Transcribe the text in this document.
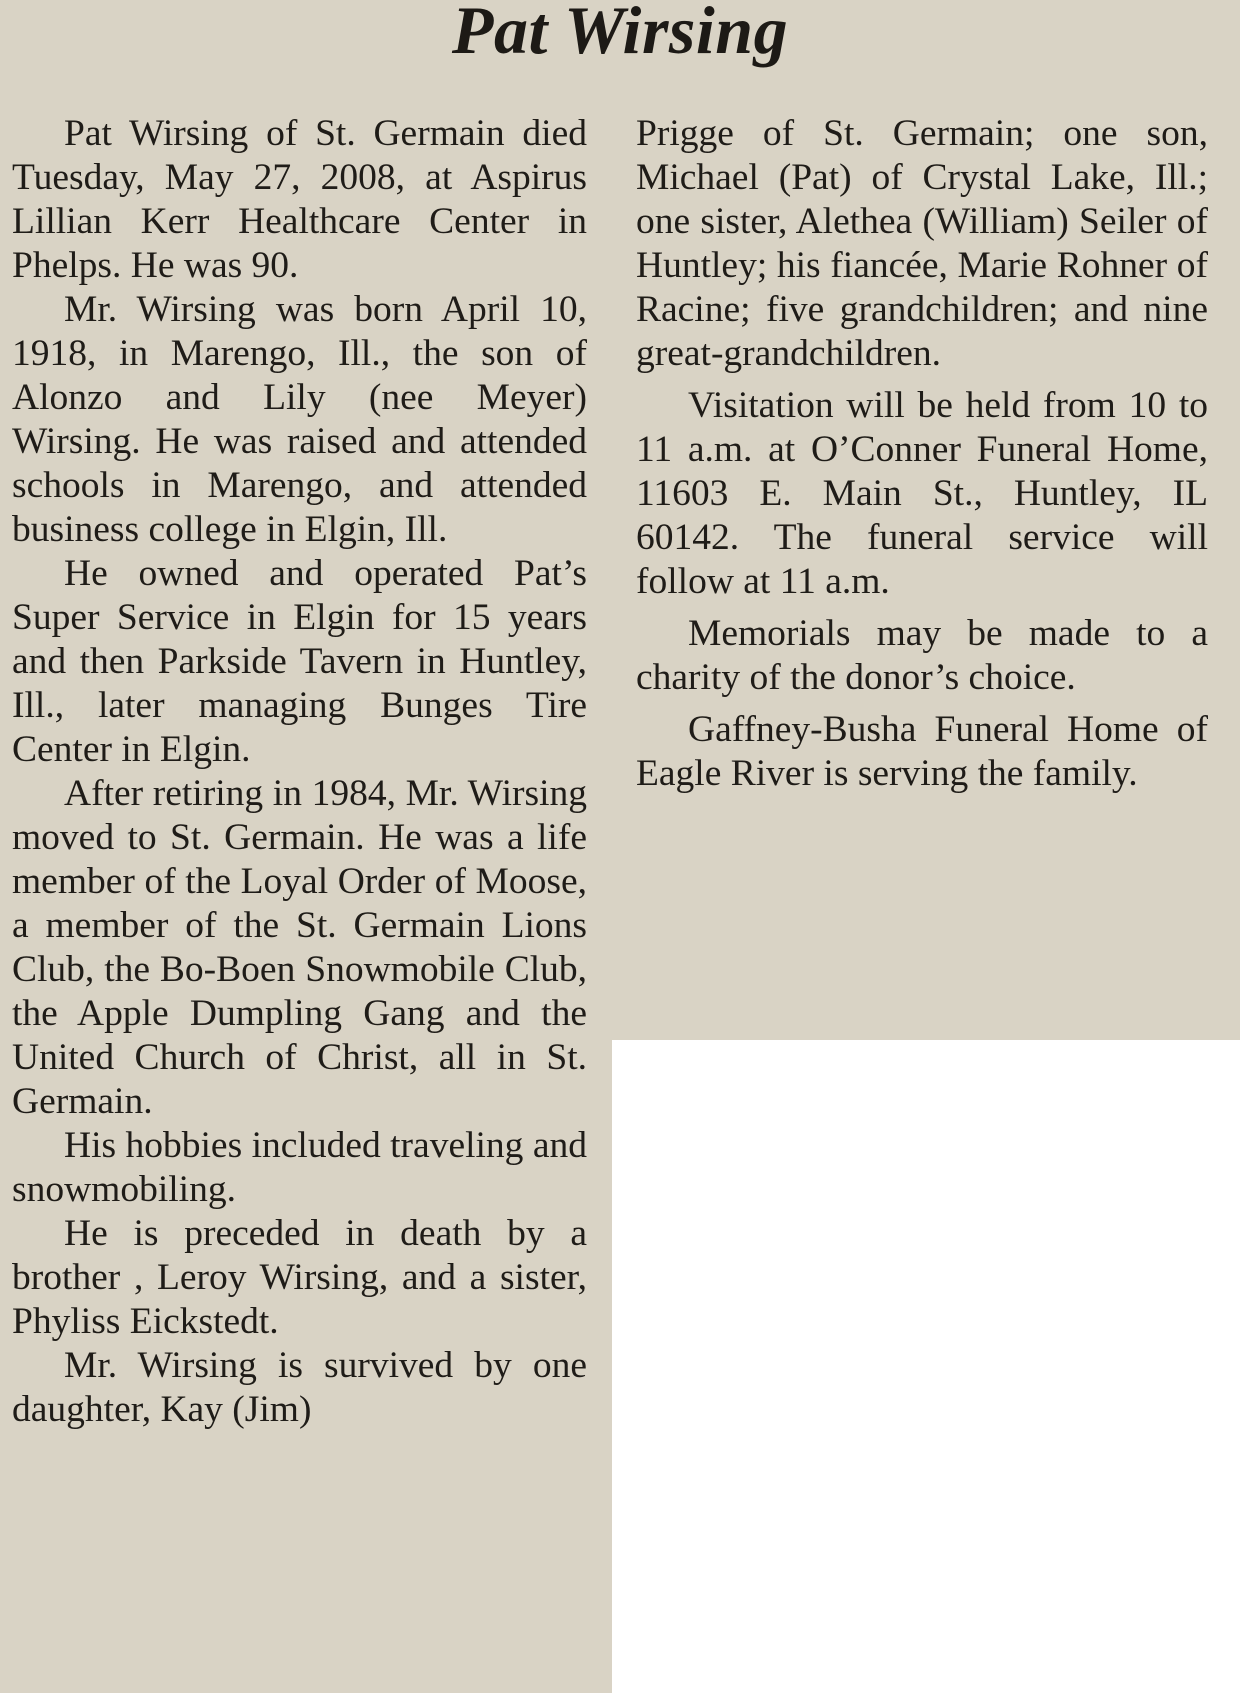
Pat Wirsing

Pat Wirsing of St. Germain died Tuesday, May 27, 2008, at Aspirus Lillian Kerr Healthcare Center in Phelps. He was 90.

Mr. Wirsing was born April 10, 1918, in Marengo, Ill., the son of Alonzo and Lily (nee Meyer) Wirsing. He was raised and attended schools in Marengo, and attended business college in Elgin, Ill.

He owned and operated Pat’s Super Service in Elgin for 15 years and then Parkside Tavern in Huntley, Ill., later managing Bunges Tire Center in Elgin.

After retiring in 1984, Mr. Wirsing moved to St. Germain. He was a life member of the Loyal Order of Moose, a member of the St. Germain Lions Club, the Bo-Boen Snowmobile Club, the Apple Dumpling Gang and the United Church of Christ, all in St. Germain.

His hobbies included traveling and snowmobiling.

He is preceded in death by a brother , Leroy Wirsing, and a sister, Phyliss Eickstedt.

Mr. Wirsing is survived by one daughter, Kay (Jim)

Prigge of St. Germain; one son, Michael (Pat) of Crystal Lake, Ill.; one sister, Alethea (William) Seiler of Huntley; his fiancée, Marie Rohner of Racine; five grandchildren; and nine great-grandchildren.

Visitation will be held from 10 to 11 a.m. at O’Conner Funeral Home, 11603 E. Main St., Huntley, IL 60142. The funeral service will follow at 11 a.m.

Memorials may be made to a charity of the donor’s choice.

Gaffney-Busha Funeral Home of Eagle River is serving the family.
